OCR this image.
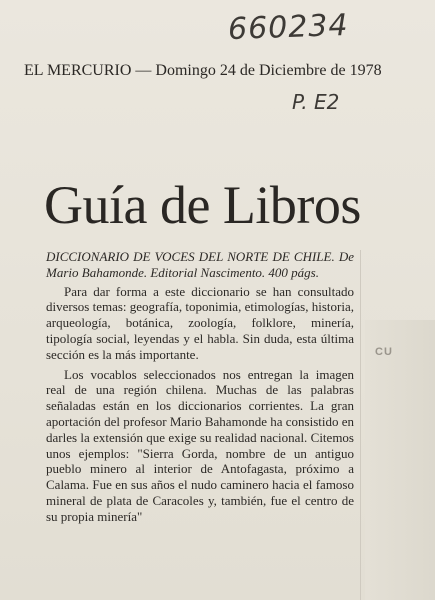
660234
EL MERCURIO — Domingo 24 de Diciembre de 1978
P. E2
Guía de Libros

DICCIONARIO DE VOCES DEL NORTE DE CHILE. De Mario Bahamonde. Editorial Nascimento. 400 págs.

Para dar forma a este diccionario se han consultado diversos temas: geografía, toponimia, etimologías, historia, arqueología, botánica, zoología, folklore, minería, tipología social, leyendas y el habla. Sin duda, esta última sección es la más importante.

Los vocablos seleccionados nos entregan la imagen real de una región chilena. Muchas de las palabras señaladas están en los diccionarios corrientes. La gran aportación del profesor Mario Bahamonde ha consistido en darles la extensión que exige su realidad nacional. Citemos unos ejemplos: "Sierra Gorda, nombre de un antiguo pueblo minero al interior de Antofagasta, próximo a Calama. Fue en sus años el nudo caminero hacia el famoso mineral de plata de Caracoles y, también, fue el centro de su propia minería"

CU
